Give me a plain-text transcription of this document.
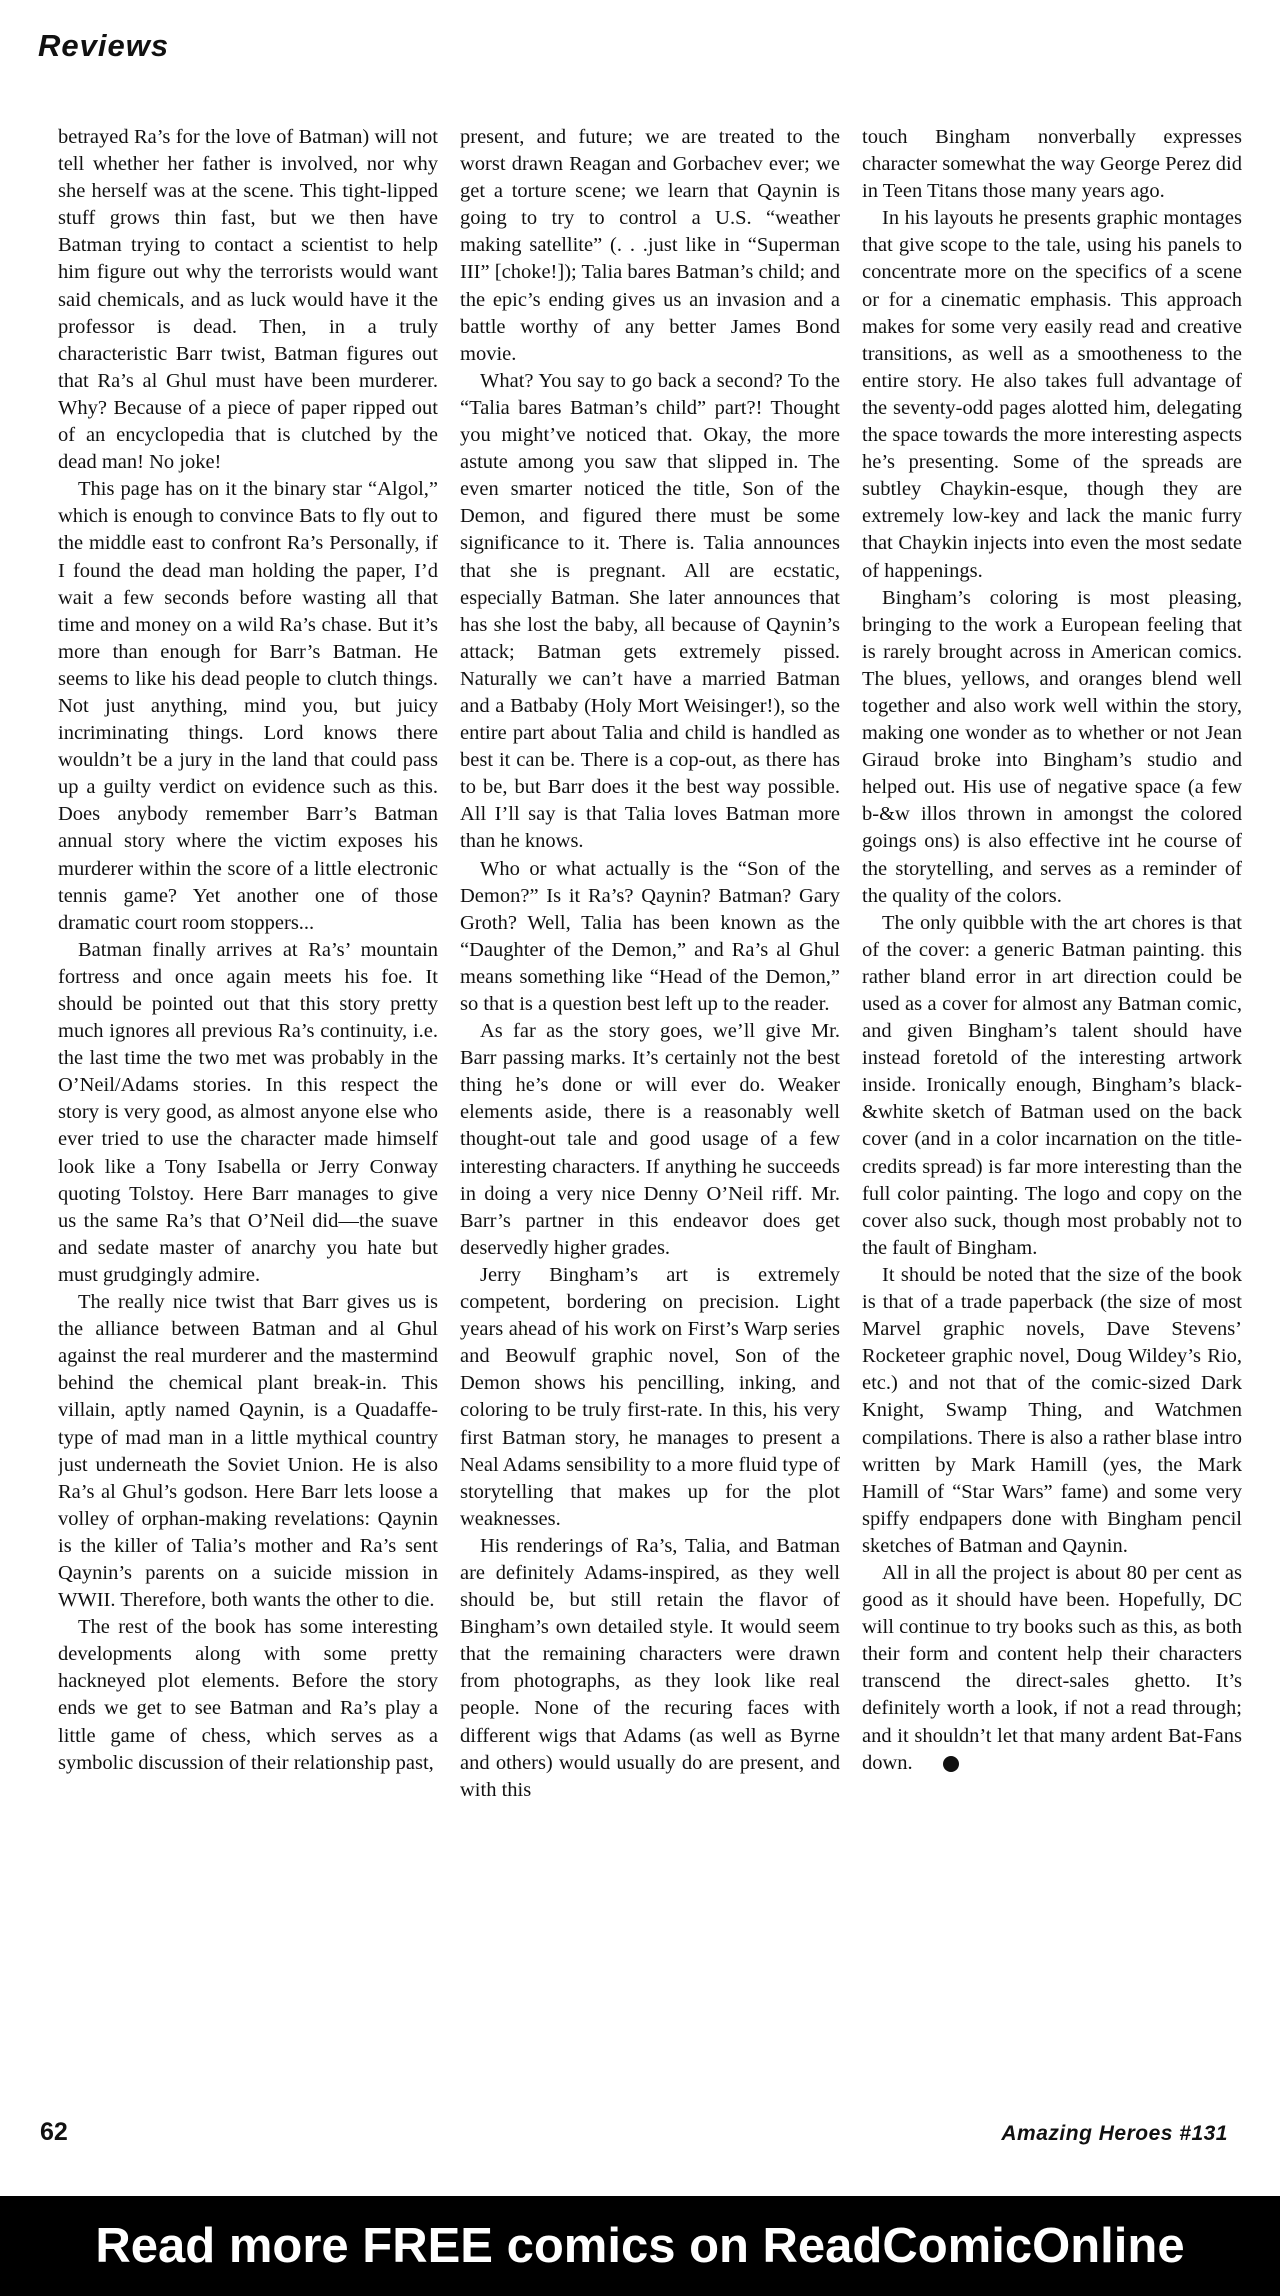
Reviews

betrayed Ra’s for the love of Batman) will not tell whether her father is involved, nor why she herself was at the scene. This tight-lipped stuff grows thin fast, but we then have Batman trying to contact a scientist to help him figure out why the terrorists would want said chemicals, and as luck would have it the professor is dead. Then, in a truly characteristic Barr twist, Batman figures out that Ra’s al Ghul must have been murderer. Why? Because of a piece of paper ripped out of an encyclopedia that is clutched by the dead man! No joke!

This page has on it the binary star “Algol,” which is enough to convince Bats to fly out to the middle east to confront Ra’s Personally, if I found the dead man holding the paper, I’d wait a few seconds before wasting all that time and money on a wild Ra’s chase. But it’s more than enough for Barr’s Batman. He seems to like his dead people to clutch things. Not just anything, mind you, but juicy incriminating things. Lord knows there wouldn’t be a jury in the land that could pass up a guilty verdict on evidence such as this. Does anybody remember Barr’s Batman annual story where the victim exposes his murderer within the score of a little electronic tennis game? Yet another one of those dramatic court room stoppers...

Batman finally arrives at Ra’s’ mountain fortress and once again meets his foe. It should be pointed out that this story pretty much ignores all previous Ra’s continuity, i.e. the last time the two met was probably in the O’Neil/Adams stories. In this respect the story is very good, as almost anyone else who ever tried to use the character made himself look like a Tony Isabella or Jerry Conway quoting Tolstoy. Here Barr manages to give us the same Ra’s that O’Neil did—the suave and sedate master of anarchy you hate but must grudgingly admire.

The really nice twist that Barr gives us is the alliance between Batman and al Ghul against the real murderer and the mastermind behind the chemical plant break-in. This villain, aptly named Qaynin, is a Quadaffe-type of mad man in a little mythical country just underneath the Soviet Union. He is also Ra’s al Ghul’s godson. Here Barr lets loose a volley of orphan-making revelations: Qaynin is the killer of Talia’s mother and Ra’s sent Qaynin’s parents on a suicide mission in WWII. Therefore, both wants the other to die.

The rest of the book has some interesting developments along with some pretty hackneyed plot elements. Before the story ends we get to see Batman and Ra’s play a little game of chess, which serves as a symbolic discussion of their relationship past,

present, and future; we are treated to the worst drawn Reagan and Gorbachev ever; we get a torture scene; we learn that Qaynin is going to try to control a U.S. “weather making satellite” (. . .just like in “Superman III” [choke!]); Talia bares Batman’s child; and the epic’s ending gives us an invasion and a battle worthy of any better James Bond movie.

What? You say to go back a second? To the “Talia bares Batman’s child” part?! Thought you might’ve noticed that. Okay, the more astute among you saw that slipped in. The even smarter noticed the title, Son of the Demon, and figured there must be some significance to it. There is. Talia announces that she is pregnant. All are ecstatic, especially Batman. She later announces that has she lost the baby, all because of Qaynin’s attack; Batman gets extremely pissed. Naturally we can’t have a married Batman and a Batbaby (Holy Mort Weisinger!), so the entire part about Talia and child is handled as best it can be. There is a cop-out, as there has to be, but Barr does it the best way possible. All I’ll say is that Talia loves Batman more than he knows.

Who or what actually is the “Son of the Demon?” Is it Ra’s? Qaynin? Batman? Gary Groth? Well, Talia has been known as the “Daughter of the Demon,” and Ra’s al Ghul means something like “Head of the Demon,” so that is a question best left up to the reader.

As far as the story goes, we’ll give Mr. Barr passing marks. It’s certainly not the best thing he’s done or will ever do. Weaker elements aside, there is a reasonably well thought-out tale and good usage of a few interesting characters. If anything he succeeds in doing a very nice Denny O’Neil riff. Mr. Barr’s partner in this endeavor does get deservedly higher grades.

Jerry Bingham’s art is extremely competent, bordering on precision. Light years ahead of his work on First’s Warp series and Beowulf graphic novel, Son of the Demon shows his pencilling, inking, and coloring to be truly first-rate. In this, his very first Batman story, he manages to present a Neal Adams sensibility to a more fluid type of storytelling that makes up for the plot weaknesses.

His renderings of Ra’s, Talia, and Batman are definitely Adams-inspired, as they well should be, but still retain the flavor of Bingham’s own detailed style. It would seem that the remaining characters were drawn from photographs, as they look like real people. None of the recuring faces with different wigs that Adams (as well as Byrne and others) would usually do are present, and with this

touch Bingham nonverbally expresses character somewhat the way George Perez did in Teen Titans those many years ago.

In his layouts he presents graphic montages that give scope to the tale, using his panels to concentrate more on the specifics of a scene or for a cinematic emphasis. This approach makes for some very easily read and creative transitions, as well as a smootheness to the entire story. He also takes full advantage of the seventy-odd pages alotted him, delegating the space towards the more interesting aspects he’s presenting. Some of the spreads are subtley Chaykin-esque, though they are extremely low-key and lack the manic furry that Chaykin injects into even the most sedate of happenings.

Bingham’s coloring is most pleasing, bringing to the work a European feeling that is rarely brought across in American comics. The blues, yellows, and oranges blend well together and also work well within the story, making one wonder as to whether or not Jean Giraud broke into Bingham’s studio and helped out. His use of negative space (a few b-&w illos thrown in amongst the colored goings ons) is also effective int he course of the storytelling, and serves as a reminder of the quality of the colors.

The only quibble with the art chores is that of the cover: a generic Batman painting. this rather bland error in art direction could be used as a cover for almost any Batman comic, and given Bingham’s talent should have instead foretold of the interesting artwork inside. Ironically enough, Bingham’s black-&white sketch of Batman used on the back cover (and in a color incarnation on the title-credits spread) is far more interesting than the full color painting. The logo and copy on the cover also suck, though most probably not to the fault of Bingham.

It should be noted that the size of the book is that of a trade paperback (the size of most Marvel graphic novels, Dave Stevens’ Rocketeer graphic novel, Doug Wildey’s Rio, etc.) and not that of the comic-sized Dark Knight, Swamp Thing, and Watchmen compilations. There is also a rather blase intro written by Mark Hamill (yes, the Mark Hamill of “Star Wars” fame) and some very spiffy endpapers done with Bingham pencil sketches of Batman and Qaynin.

All in all the project is about 80 per cent as good as it should have been. Hopefully, DC will continue to try books such as this, as both their form and content help their characters transcend the direct-sales ghetto. It’s definitely worth a look, if not a read through; and it shouldn’t let that many ardent Bat-Fans down.

62	Amazing Heroes #131
Read more FREE comics on ReadComicOnline
